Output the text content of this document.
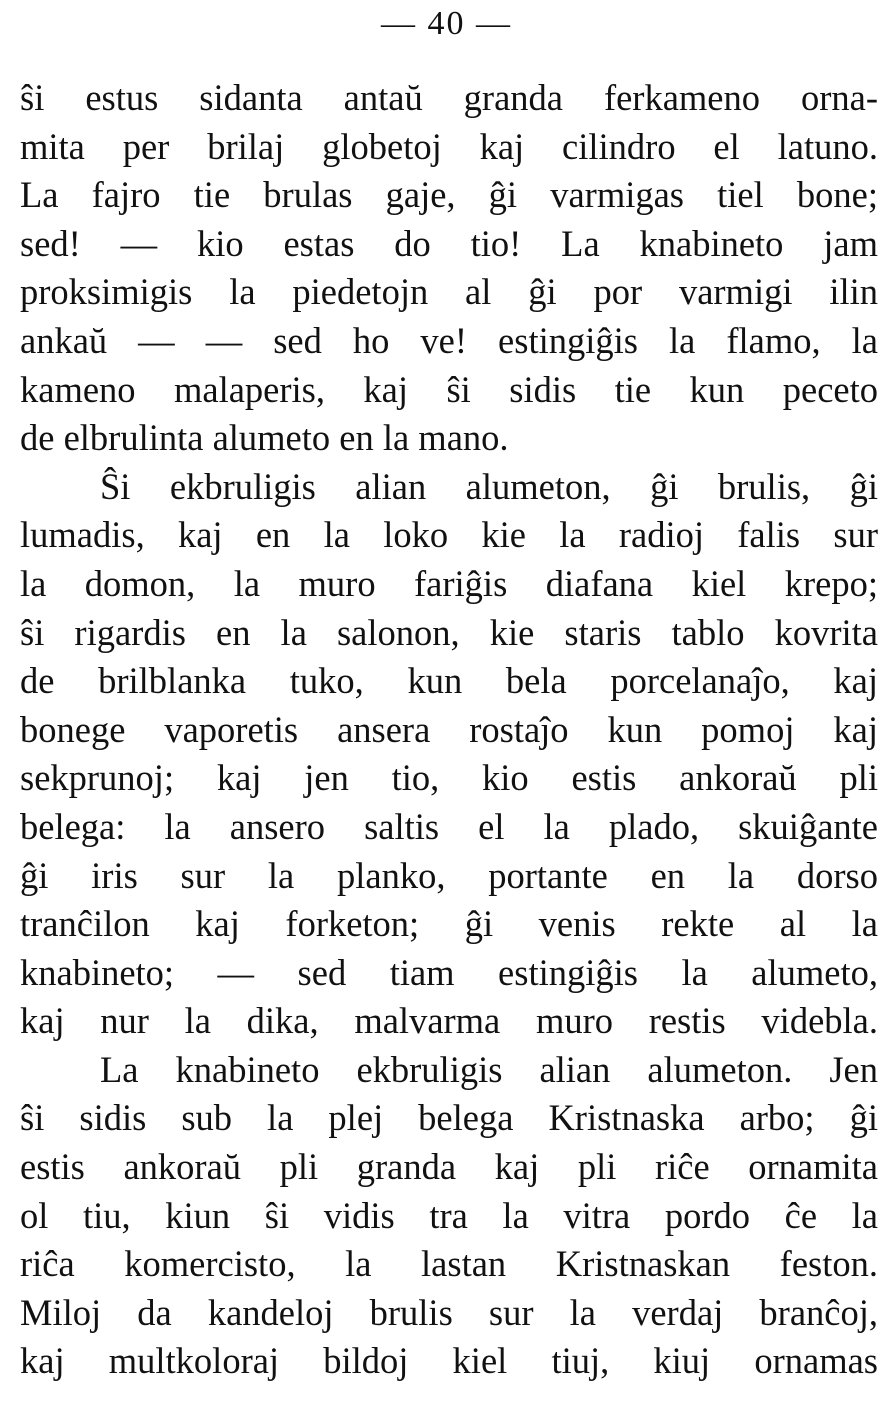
— 40 —
ŝi estus sidanta antaŭ granda ferkameno orna-
mita per brilaj globetoj kaj cilindro el latuno.
La fajro tie brulas gaje, ĝi varmigas tiel bone;
sed! — kio estas do tio! La knabineto jam
proksimigis la piedetojn al ĝi por varmigi ilin
ankaŭ — — sed ho ve! estingiĝis la flamo, la
kameno malaperis, kaj ŝi sidis tie kun peceto
de elbrulinta alumeto en la mano.
Ŝi ekbruligis alian alumeton, ĝi brulis, ĝi
lumadis, kaj en la loko kie la radioj falis sur
la domon, la muro fariĝis diafana kiel krepo;
ŝi rigardis en la salonon, kie staris tablo kovrita
de brilblanka tuko, kun bela porcelanaĵo, kaj
bonege vaporetis ansera rostaĵo kun pomoj kaj
sekprunoj; kaj jen tio, kio estis ankoraŭ pli
belega: la ansero saltis el la plado, skuiĝante
ĝi iris sur la planko, portante en la dorso
tranĉilon kaj forketon; ĝi venis rekte al la
knabineto; — sed tiam estingiĝis la alumeto,
kaj nur la dika, malvarma muro restis videbla.
La knabineto ekbruligis alian alumeton. Jen
ŝi sidis sub la plej belega Kristnaska arbo; ĝi
estis ankoraŭ pli granda kaj pli riĉe ornamita
ol tiu, kiun ŝi vidis tra la vitra pordo ĉe la
riĉa komercisto, la lastan Kristnaskan feston.
Miloj da kandeloj brulis sur la verdaj branĉoj,
kaj multkoloraj bildoj kiel tiuj, kiuj ornamas
